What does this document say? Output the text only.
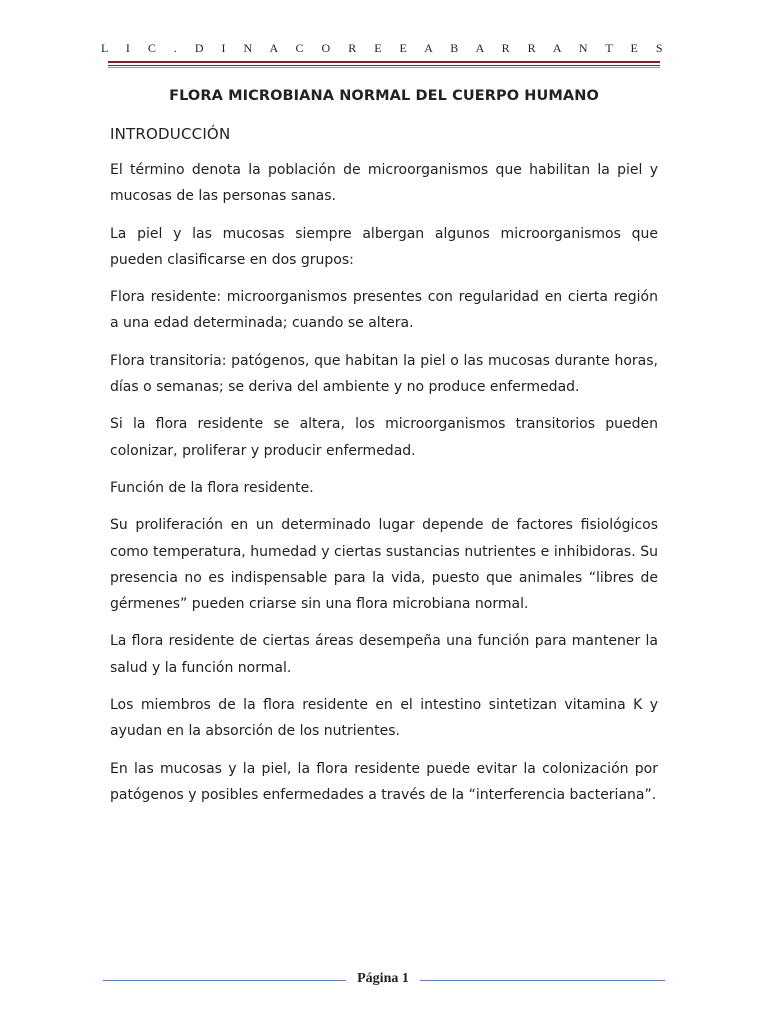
L I C . D I N A C O R E E A B A R R A N T E S
FLORA MICROBIANA NORMAL DEL CUERPO HUMANO
INTRODUCCIÓN

El término denota la población de microorganismos que habilitan la piel y mucosas de las personas sanas.

La piel y las mucosas siempre albergan algunos microorganismos que pueden clasificarse en dos grupos:

Flora residente: microorganismos presentes con regularidad en cierta región a una edad determinada; cuando se altera.

Flora transitoria: patógenos, que habitan la piel o las mucosas durante horas, días o semanas; se deriva del ambiente y no produce enfermedad.

Si la flora residente se altera, los microorganismos transitorios pueden colonizar, proliferar y producir enfermedad.

Función de la flora residente.

Su proliferación en un determinado lugar depende de factores fisiológicos como temperatura, humedad y ciertas sustancias nutrientes e inhibidoras. Su presencia no es indispensable para la vida, puesto que animales “libres de gérmenes” pueden criarse sin una flora microbiana normal.

La flora residente de ciertas áreas desempeña una función para mantener la salud y la función normal.

Los miembros de la flora residente en el intestino sintetizan vitamina K y ayudan en la absorción de los nutrientes.

En las mucosas y la piel, la flora residente puede evitar la colonización por patógenos y posibles enfermedades a través de la “interferencia bacteriana”.

Página 1
